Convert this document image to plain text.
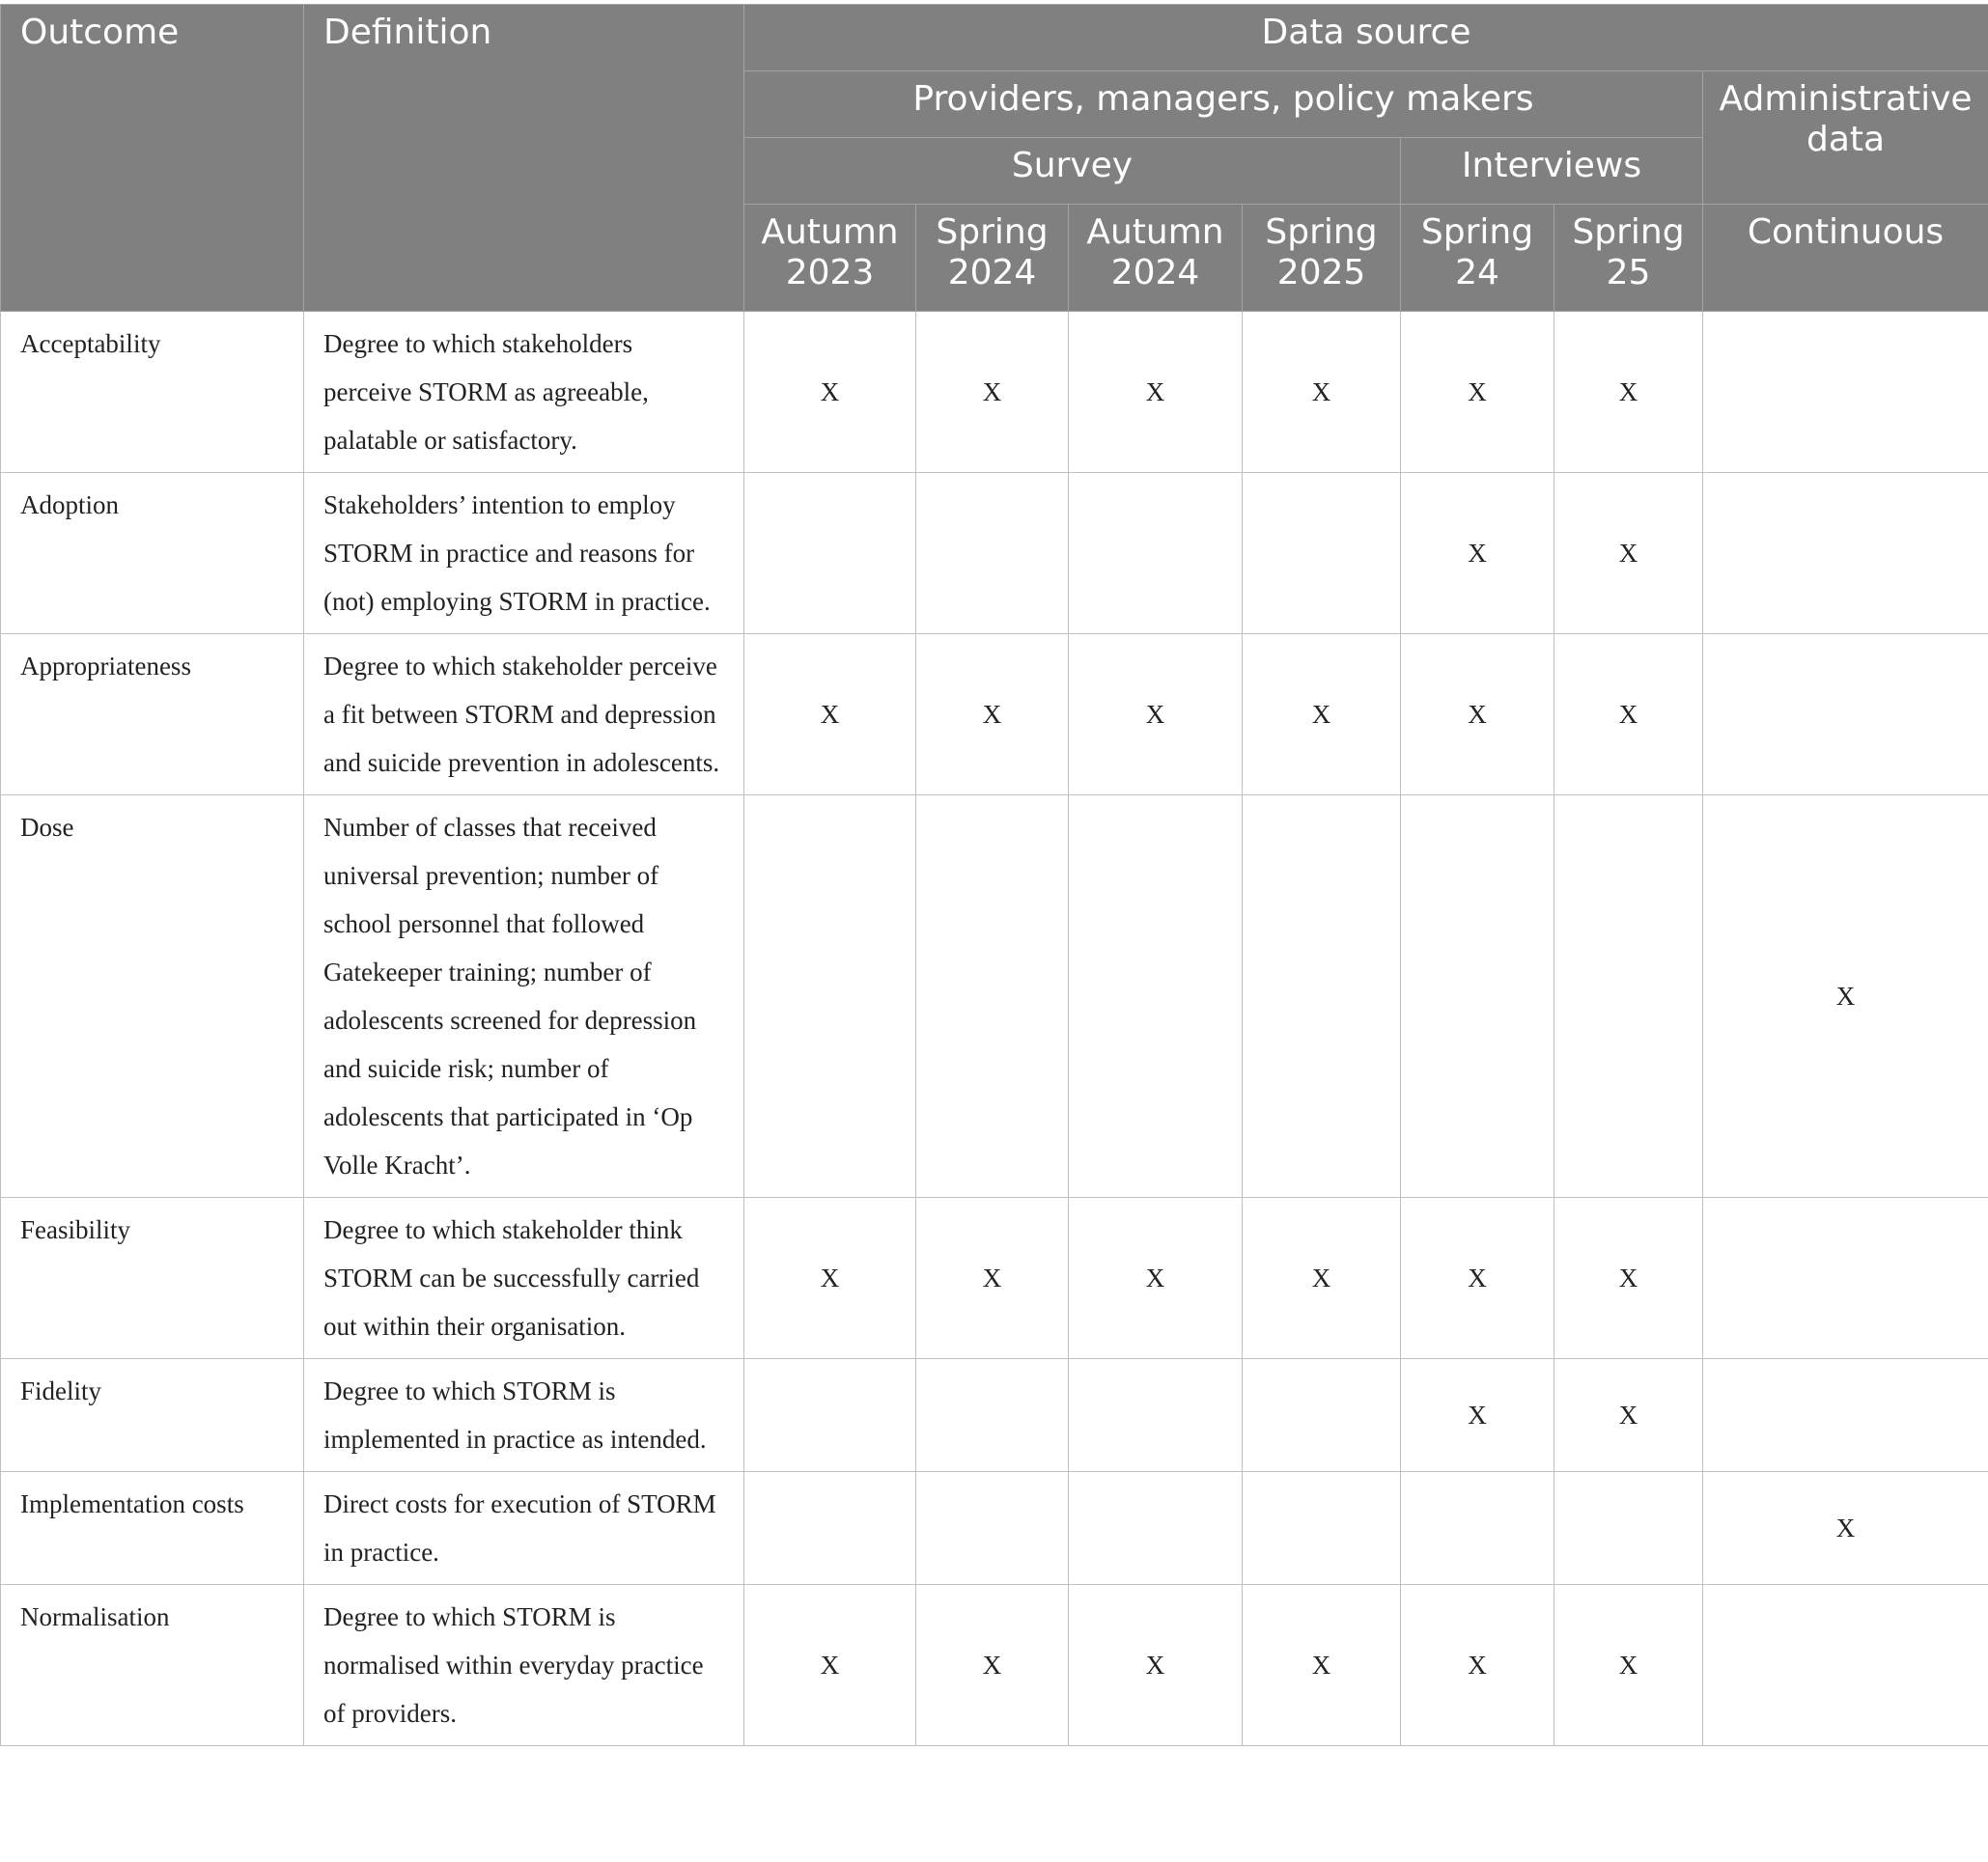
Outcome	Definition	Data source						
		Providers, managers, policy makers						Administrative data
		Survey				Interviews		
		Autumn 2023	Spring 2024	Autumn 2024	Spring 2025	Spring 24	Spring 25	Continuous
Acceptability	Degree to which stakeholders perceive STORM as agreeable, palatable or satisfactory.	X	X	X	X	X	X	
Adoption	Stakeholders’ intention to employ STORM in practice and reasons for (not) employing STORM in practice.					X	X	
Appropriateness	Degree to which stakeholder perceive a fit between STORM and depression and suicide prevention in adolescents.	X	X	X	X	X	X	
Dose	Number of classes that received universal prevention; number of school personnel that followed Gatekeeper training; number of adolescents screened for depression and suicide risk; number of adolescents that participated in ‘Op Volle Kracht’.							X
Feasibility	Degree to which stakeholder think STORM can be successfully carried out within their organisation.	X	X	X	X	X	X	
Fidelity	Degree to which STORM is implemented in practice as intended.					X	X	
Implementation costs	Direct costs for execution of STORM in practice.							X
Normalisation	Degree to which STORM is normalised within everyday practice of providers.	X	X	X	X	X	X	
